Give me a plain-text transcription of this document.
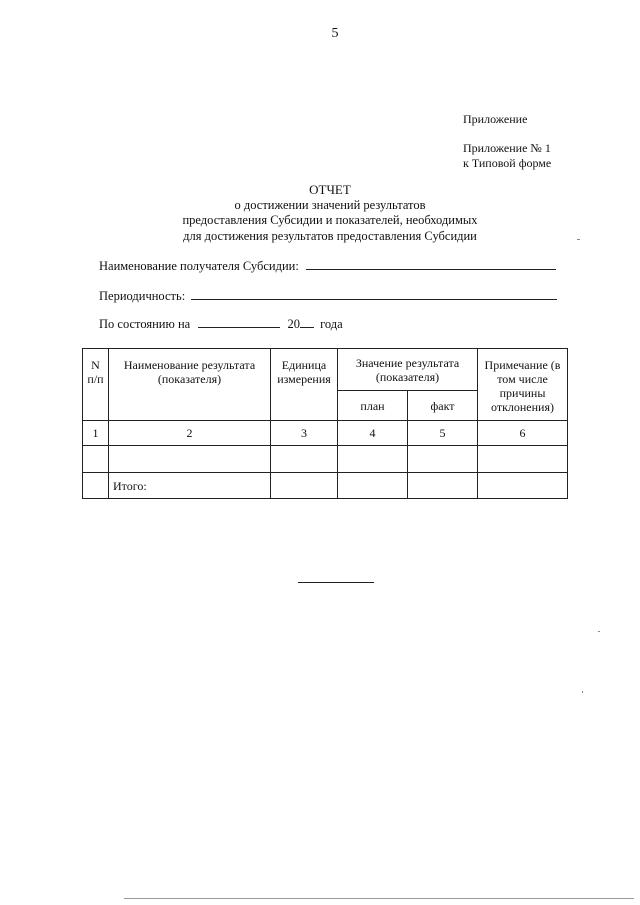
5
Приложение
Приложение № 1
к Типовой форме
ОТЧЕТ
о достижении значений результатов
предоставления Субсидии и показателей, необходимых
для достижения результатов предоставления Субсидии
Наименование получателя Субсидии:
Периодичность:
По состоянию на	20 года
N п/п	Наименование результата (показателя)	Единица измерения	Значение результата (показателя)		Примечание (в том числе причины отклонения)
			план	факт	
1	2	3	4	5	6

	Итого:				
